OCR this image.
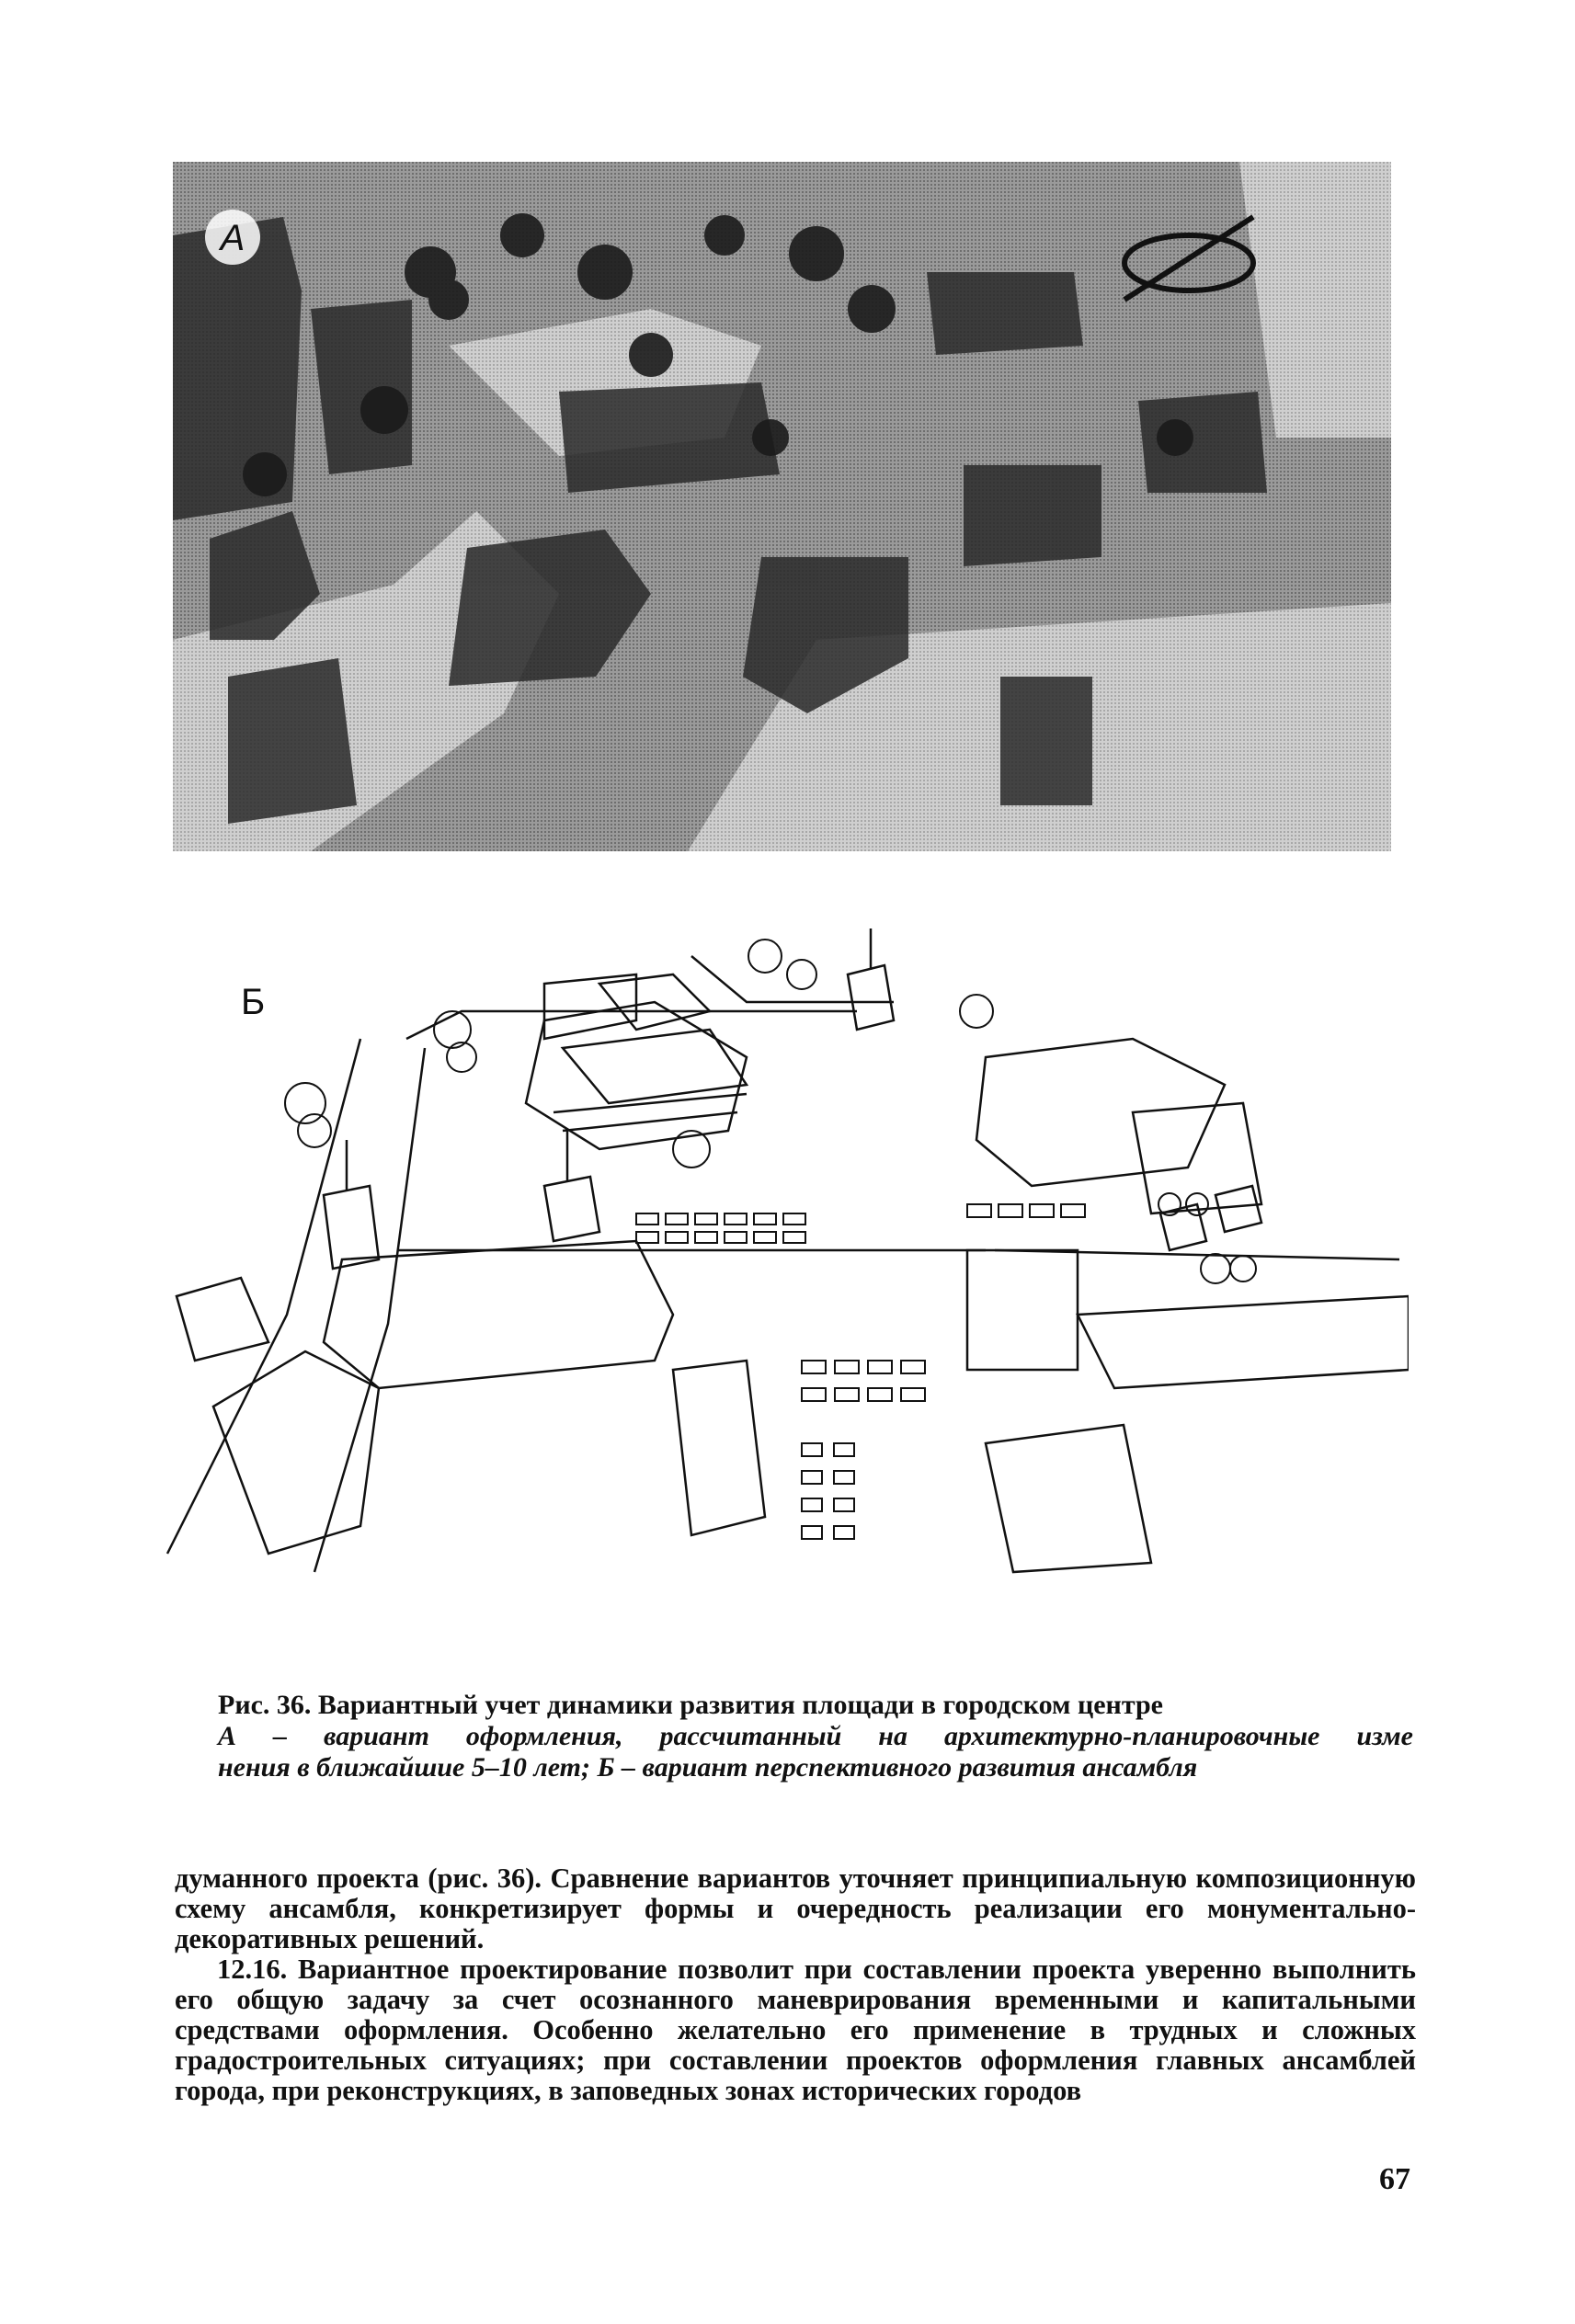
А
Б
Рис. 36. Вариантный учет динамики развития площади в городском центре
А – вариант оформления, рассчитанный на архитектурно-планировочные изме
нения в ближайшие 5–10 лет; Б – вариант перспективного развития ансамбля

думанного проекта (рис. 36). Сравнение вариантов уточняет принципиальную композиционную схему ансамбля, конкретизирует формы и очередность реализации его монументально-декоративных решений.

12.16. Вариантное проектирование позволит при составлении проекта уверенно выполнить его общую задачу за счет осознанного маневрирования временными и капитальными средствами оформления. Особенно желательно его применение в трудных и сложных градостроительных ситуациях; при составлении проектов оформления главных ансамблей города, при реконструкциях, в заповедных зонах исторических городов

67
